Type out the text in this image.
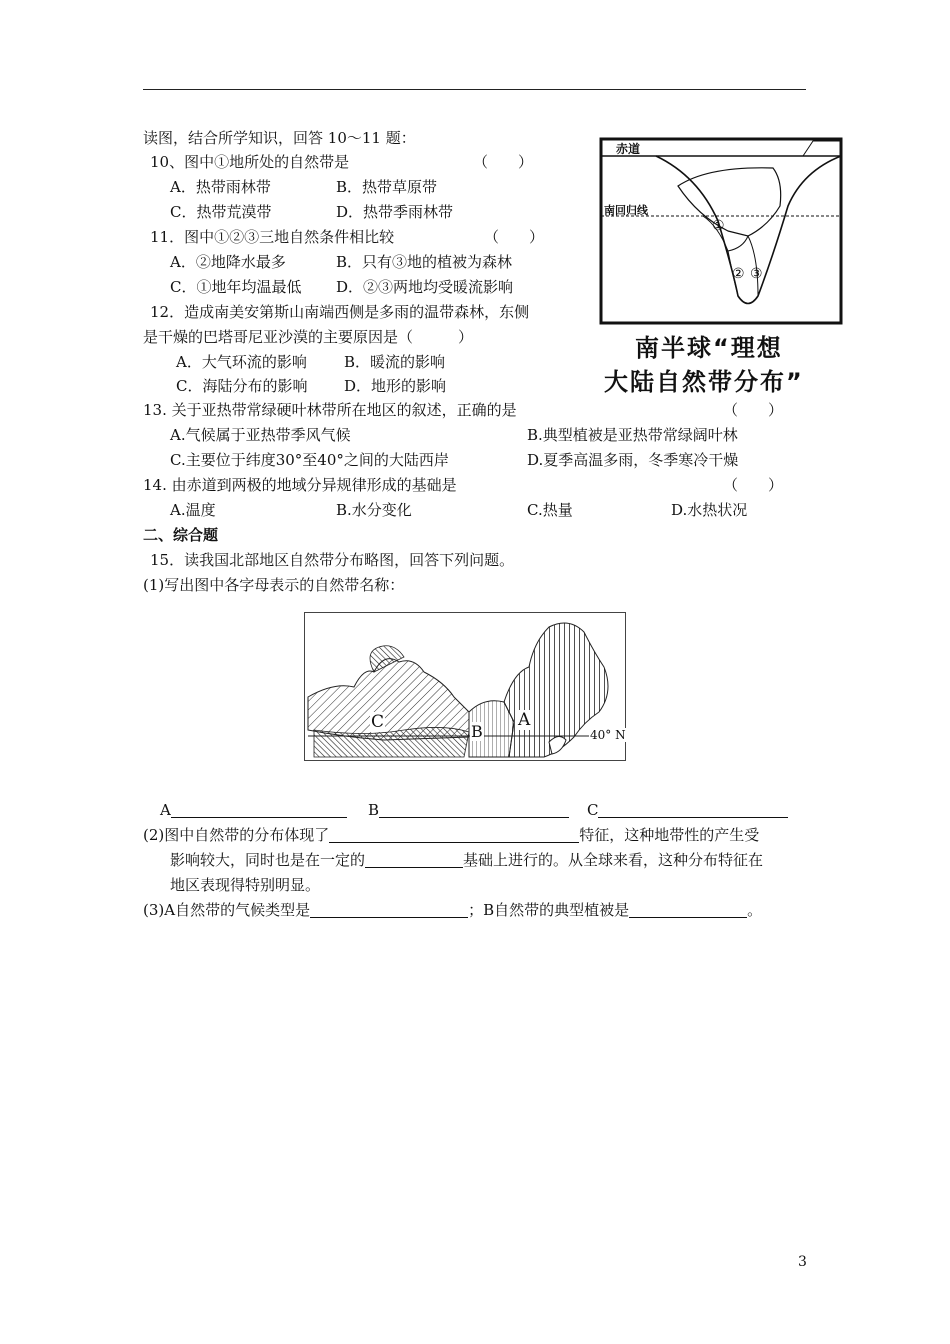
读图，结合所学知识，回答 10～11 题：
10、图中①地所处的自然带是	（　　）
A．热带雨林带	B．热带草原带
C．热带荒漠带	D．热带季雨林带
11．图中①②③三地自然条件相比较	（　　）
A．②地降水最多	B．只有③地的植被为森林
C．①地年均温最低 D．②③两地均受暖流影响
12．造成南美安第斯山南端西侧是多雨的温带森林，东侧
是干燥的巴塔哥尼亚沙漠的主要原因是（　　　）
A．大气环流的影响 B．暖流的影响
C．海陆分布的影响 D．地形的影响
赤道
南回归线
①
② ③
南半球“理想
大陆自然带分布”
13. 关于亚热带常绿硬叶林带所在地区的叙述，正确的是	（　　）
A.气候属于亚热带季风气候	B.典型植被是亚热带常绿阔叶林
C.主要位于纬度30°至40°之间的大陆西岸	D.夏季高温多雨，冬季寒冷干燥
14. 由赤道到两极的地域分异规律形成的基础是	（　　）
A.温度	B.水分变化	C.热量	D.水热状况
二、综合题
15．读我国北部地区自然带分布略图，回答下列问题。
(1)写出图中各字母表示的自然带名称：
C	B
A
40° N
A	B	C
(2)图中自然带的分布体现了	特征，这种地带性的产生受
影响较大，同时也是在一定的	基础上进行的。从全球来看，这种分布特征在
地区表现得特别明显。
(3)A自然带的气候类型是	；B自然带的典型植被是	。
3
